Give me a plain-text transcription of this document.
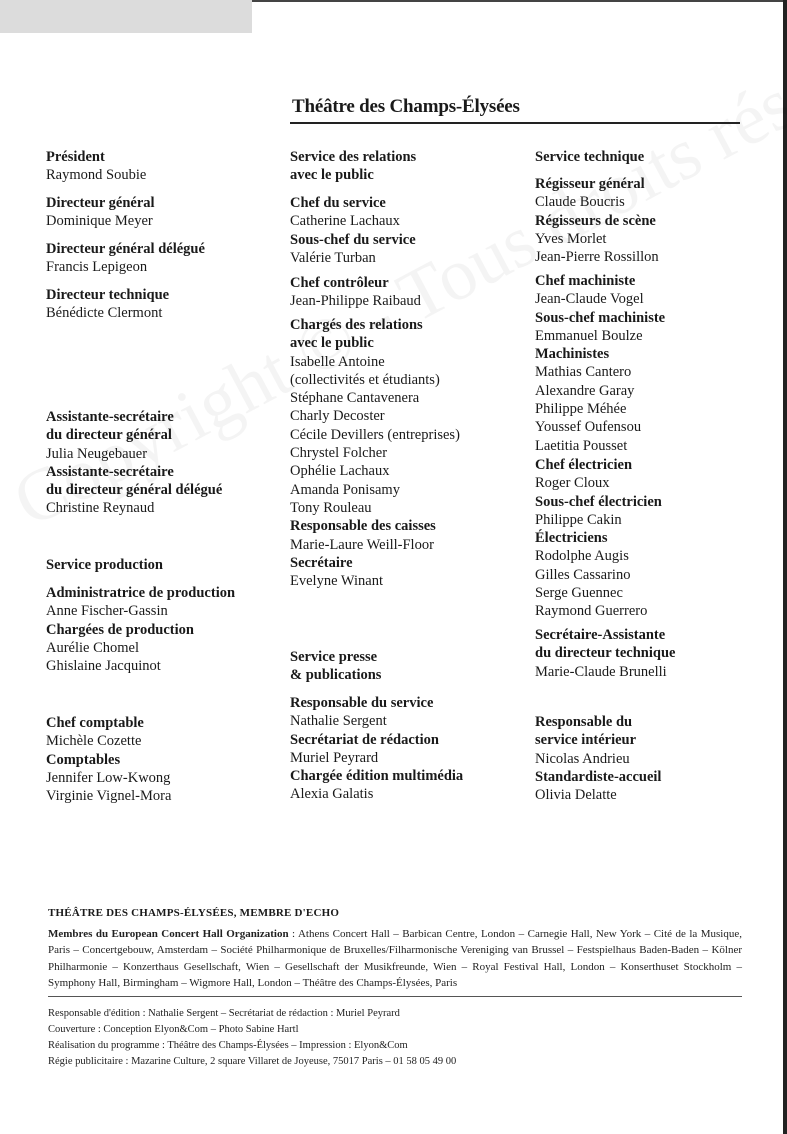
Théâtre des Champs-Élysées
Président
Raymond Soubie
Directeur général
Dominique Meyer
Directeur général délégué
Francis Lepigeon
Directeur technique
Bénédicte Clermont
Assistante-secrétaire
du directeur général
Julia Neugebauer
Assistante-secrétaire
du directeur général délégué
Christine Reynaud
Service production
Administratrice de production
Anne Fischer-Gassin
Chargées de production
Aurélie Chomel
Ghislaine Jacquinot
Chef comptable
Michèle Cozette
Comptables
Jennifer Low-Kwong
Virginie Vignel-Mora
Service des relations
avec le public
Chef du service
Catherine Lachaux
Sous-chef du service
Valérie Turban
Chef contrôleur
Jean-Philippe Raibaud
Chargés des relations
avec le public
Isabelle Antoine
(collectivités et étudiants)
Stéphane Cantavenera
Charly Decoster
Cécile Devillers (entreprises)
Chrystel Folcher
Ophélie Lachaux
Amanda Ponisamy
Tony Rouleau
Responsable des caisses
Marie-Laure Weill-Floor
Secrétaire
Evelyne Winant
Service presse
& publications
Responsable du service
Nathalie Sergent
Secrétariat de rédaction
Muriel Peyrard
Chargée édition multimédia
Alexia Galatis
Service technique
Régisseur général
Claude Boucris
Régisseurs de scène
Yves Morlet
Jean-Pierre Rossillon
Chef machiniste
Jean-Claude Vogel
Sous-chef machiniste
Emmanuel Boulze
Machinistes
Mathias Cantero
Alexandre Garay
Philippe Méhée
Youssef Oufensou
Laetitia Pousset
Chef électricien
Roger Cloux
Sous-chef électricien
Philippe Cakin
Électriciens
Rodolphe Augis
Gilles Cassarino
Serge Guennec
Raymond Guerrero
Secrétaire-Assistante
du directeur technique
Marie-Claude Brunelli
Responsable du
service intérieur
Nicolas Andrieu
Standardiste-accueil
Olivia Delatte
THÉÂTRE DES CHAMPS-ÉLYSÉES, MEMBRE D'ECHO
Membres du European Concert Hall Organization : Athens Concert Hall – Barbican Centre, London – Carnegie Hall, New York – Cité de la Musique, Paris – Concertgebouw, Amsterdam – Société Philharmonique de Bruxelles/Filharmonische Vereniging van Brussel – Festspielhaus Baden-Baden – Kölner Philharmonie – Konzerthaus Gesellschaft, Wien – Gesellschaft der Musikfreunde, Wien – Royal Festival Hall, London – Konserthuset Stockholm – Symphony Hall, Birmingham – Wigmore Hall, London – Théâtre des Champs-Élysées, Paris
Responsable d'édition : Nathalie Sergent – Secrétariat de rédaction : Muriel Peyrard
Couverture : Conception Elyon&Com – Photo Sabine Hartl
Réalisation du programme : Théâtre des Champs-Élysées – Impression : Elyon&Com
Régie publicitaire : Mazarine Culture, 2 square Villaret de Joyeuse, 75017 Paris – 01 58 05 49 00
